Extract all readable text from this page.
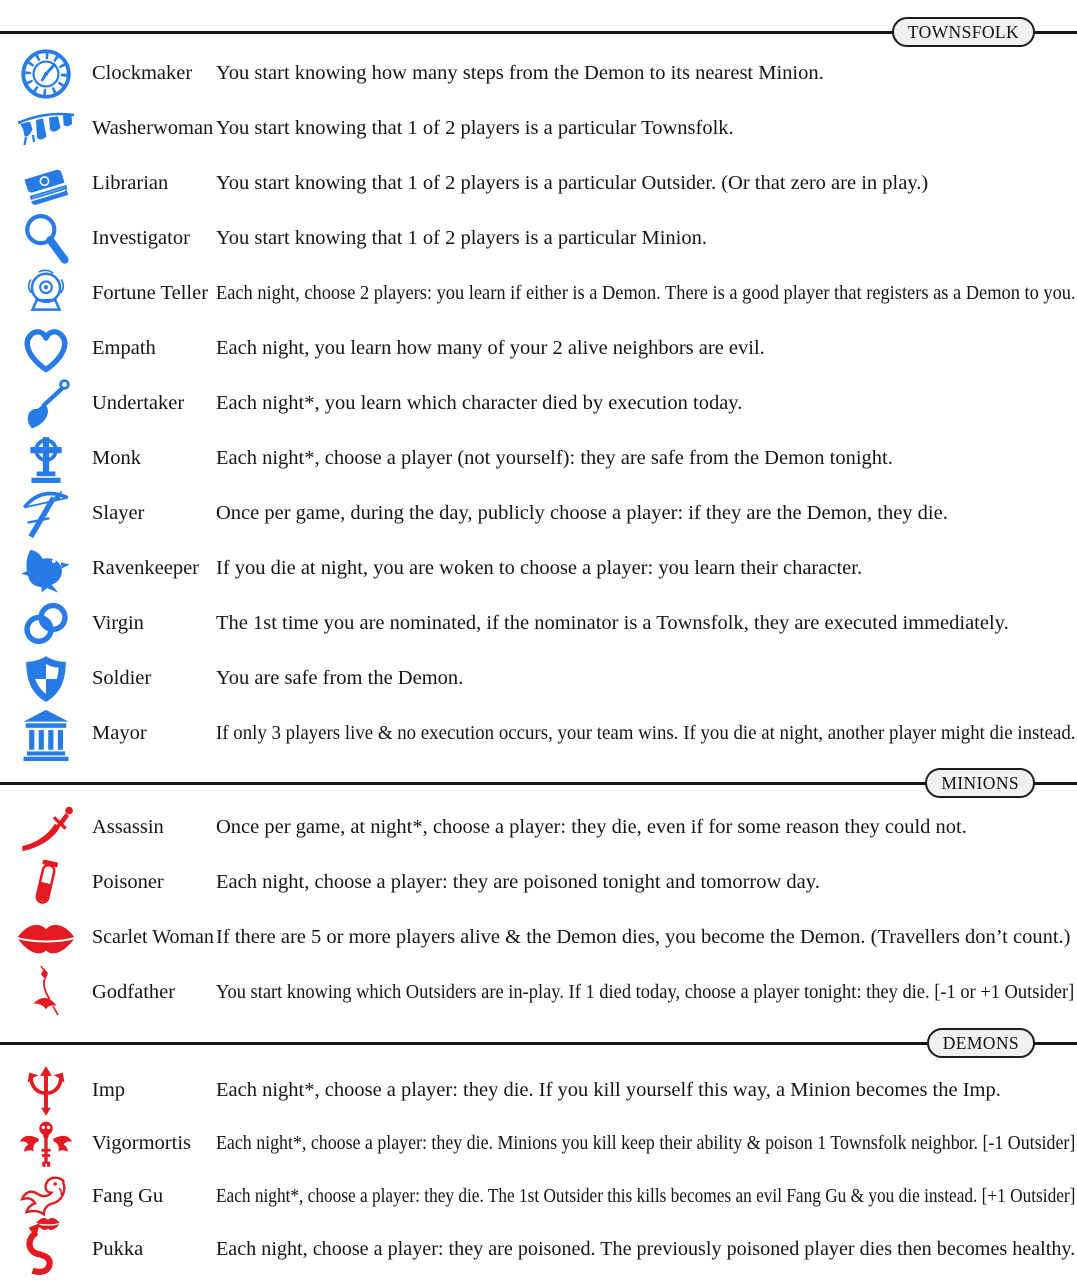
TOWNSFOLK
Clockmaker	You start knowing how many steps from the Demon to its nearest Minion.
Washerwoman You start knowing that 1 of 2 players is a particular Townsfolk.
Librarian	You start knowing that 1 of 2 players is a particular Outsider. (Or that zero are in play.)
Investigator	You start knowing that 1 of 2 players is a particular Minion.
Fortune Teller Each night, choose 2 players: you learn if either is a Demon. There is a good player that registers as a Demon to you.
Empath	Each night, you learn how many of your 2 alive neighbors are evil.
Undertaker	Each night*, you learn which character died by execution today.
Monk	Each night*, choose a player (not yourself): they are safe from the Demon tonight.
Slayer	Once per game, during the day, publicly choose a player: if they are the Demon, they die.
Ravenkeeper If you die at night, you are woken to choose a player: you learn their character.
Virgin	The 1st time you are nominated, if the nominator is a Townsfolk, they are executed immediately.
Soldier	You are safe from the Demon.
Mayor	If only 3 players live & no execution occurs, your team wins. If you die at night, another player might die instead.
MINIONS
Assassin	Once per game, at night*, choose a player: they die, even if for some reason they could not.
Poisoner	Each night, choose a player: they are poisoned tonight and tomorrow day.
Scarlet Woman If there are 5 or more players alive & the Demon dies, you become the Demon. (Travellers don’t count.)
Godfather	You start knowing which Outsiders are in-play. If 1 died today, choose a player tonight: they die. [-1 or +1 Outsider]
DEMONS
Imp	Each night*, choose a player: they die. If you kill yourself this way, a Minion becomes the Imp.
Vigormortis	Each night*, choose a player: they die. Minions you kill keep their ability & poison 1 Townsfolk neighbor. [-1 Outsider]
Fang Gu	Each night*, choose a player: they die. The 1st Outsider this kills becomes an evil Fang Gu & you die instead. [+1 Outsider]
Pukka	Each night, choose a player: they are poisoned. The previously poisoned player dies then becomes healthy.
